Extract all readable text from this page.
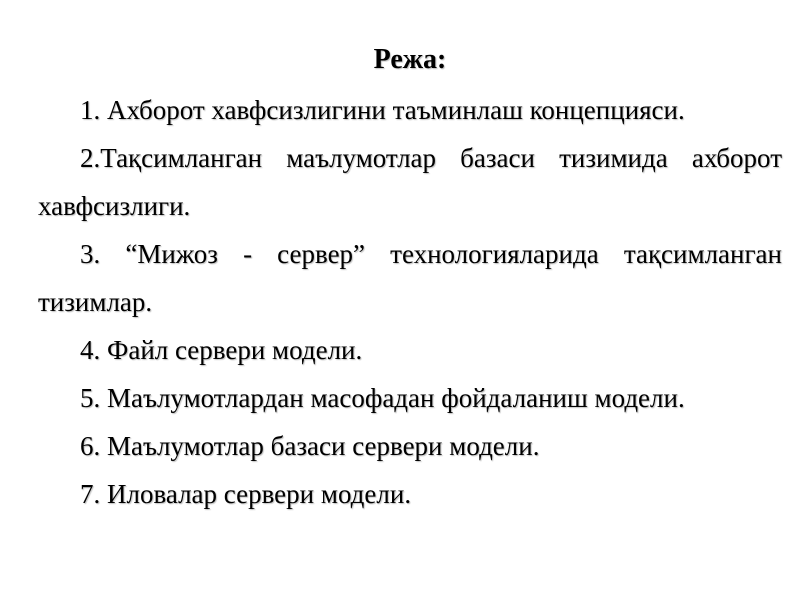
Режа:
1. Ахборот хавфсизлигини таъминлаш концепцияси.
2.Тақсимланган маълумотлар базаси тизимида ахборот хавфсизлиги.
3. “Мижоз - сервер” технологияларида тақсимланган тизимлар.
4. Файл сервери модели.
5. Маълумотлардан масофадан фойдаланиш модели.
6. Маълумотлар базаси сервери модели.
7. Иловалар сервери модели.
